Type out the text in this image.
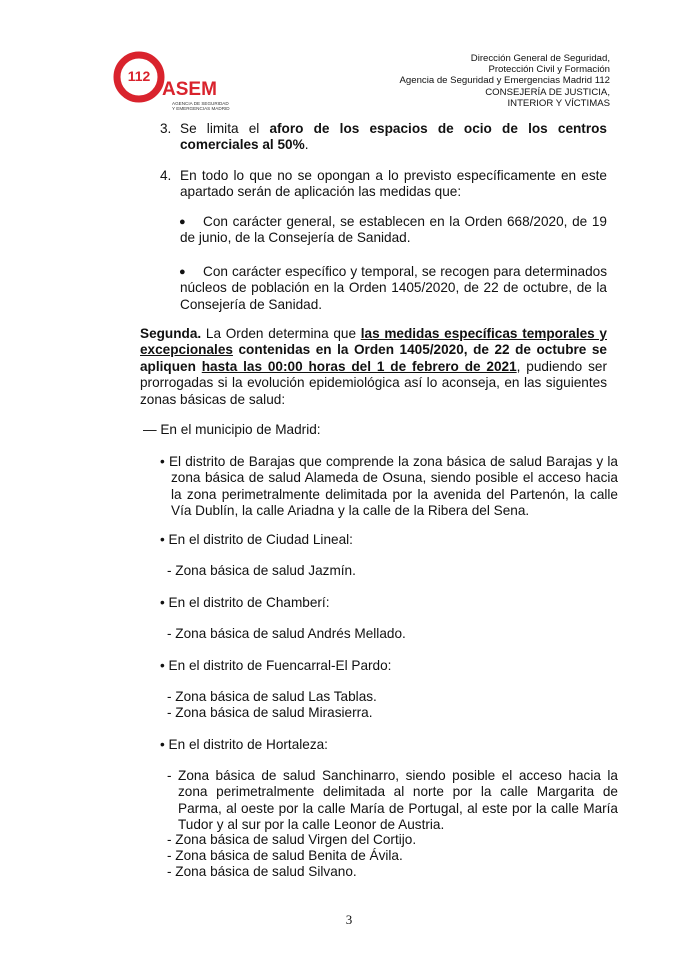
112
ASEM
AGENCIA DE SEGURIDAD
Y EMERGENCIAS MADRID
Dirección General de Seguridad,
Protección Civil y Formación
Agencia de Seguridad y Emergencias Madrid 112
CONSEJERÍA DE JUSTICIA,
INTERIOR Y VÍCTIMAS
3. Se limita el aforo de los espacios de ocio de los centros comerciales al 50%.
4. En todo lo que no se opongan a lo previsto específicamente en este apartado serán de aplicación las medidas que:
●	Con carácter general, se establecen en la Orden 668/2020, de 19 de junio, de la Consejería de Sanidad.
●	Con carácter específico y temporal, se recogen para determinados núcleos de población en la Orden 1405/2020, de 22 de octubre, de la Consejería de Sanidad.
Segunda. La Orden determina que las medidas específicas temporales y excepcionales contenidas en la Orden 1405/2020, de 22 de octubre se apliquen hasta las 00:00 horas del 1 de febrero de 2021, pudiendo ser prorrogadas si la evolución epidemiológica así lo aconseja, en las siguientes zonas básicas de salud:
— En el municipio de Madrid:
• El distrito de Barajas que comprende la zona básica de salud Barajas y la zona básica de salud Alameda de Osuna, siendo posible el acceso hacia la zona perimetralmente delimitada por la avenida del Partenón, la calle Vía Dublín, la calle Ariadna y la calle de la Ribera del Sena.
• En el distrito de Ciudad Lineal:
- Zona básica de salud Jazmín.
• En el distrito de Chamberí:
- Zona básica de salud Andrés Mellado.
• En el distrito de Fuencarral-El Pardo:
- Zona básica de salud Las Tablas.
- Zona básica de salud Mirasierra.
• En el distrito de Hortaleza:
- Zona básica de salud Sanchinarro, siendo posible el acceso hacia la zona perimetralmente delimitada al norte por la calle Margarita de Parma, al oeste por la calle María de Portugal, al este por la calle María Tudor y al sur por la calle Leonor de Austria.
- Zona básica de salud Virgen del Cortijo.
- Zona básica de salud Benita de Ávila.
- Zona básica de salud Silvano.
3
